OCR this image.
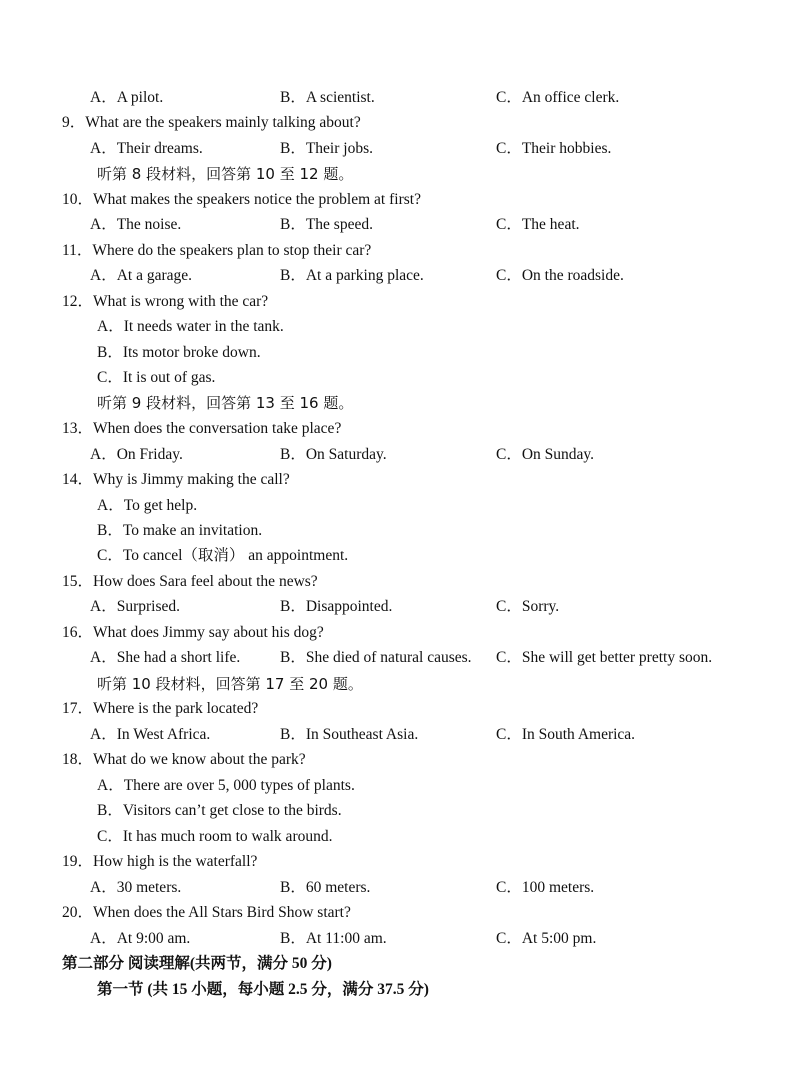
A．A pilot.	B．A scientist.	C．An office clerk.
9．What are the speakers mainly talking about?
A．Their dreams.	B．Their jobs.	C．Their hobbies.
听第 8 段材料，回答第 10 至 12 题。
10．What makes the speakers notice the problem at first?
A．The noise.	B．The speed.	C．The heat.
11．Where do the speakers plan to stop their car?
A．At a garage.	B．At a parking place.	C．On the roadside.
12．What is wrong with the car?
A．It needs water in the tank.
B．Its motor broke down.
C．It is out of gas.
听第 9 段材料，回答第 13 至 16 题。
13．When does the conversation take place?
A．On Friday.	B．On Saturday.	C．On Sunday.
14．Why is Jimmy making the call?
A．To get help.
B．To make an invitation.
C．To cancel（取消） an appointment.
15．How does Sara feel about the news?
A．Surprised.	B．Disappointed.	C．Sorry.
16．What does Jimmy say about his dog?
A．She had a short life.	B．She died of natural causes. C．She will get better pretty soon.
听第 10 段材料，回答第 17 至 20 题。
17．Where is the park located?
A．In West Africa.	B．In Southeast Asia.	C．In South America.
18．What do we know about the park?
A．There are over 5, 000 types of plants.
B．Visitors can’t get close to the birds.
C．It has much room to walk around.
19．How high is the waterfall?
A．30 meters.	B．60 meters.	C．100 meters.
20．When does the All Stars Bird Show start?
A．At 9:00 am.	B．At 11:00 am.	C．At 5:00 pm.
第二部分 阅读理解(共两节，满分 50 分)
第一节 (共 15 小题，每小题 2.5 分，满分 37.5 分)
